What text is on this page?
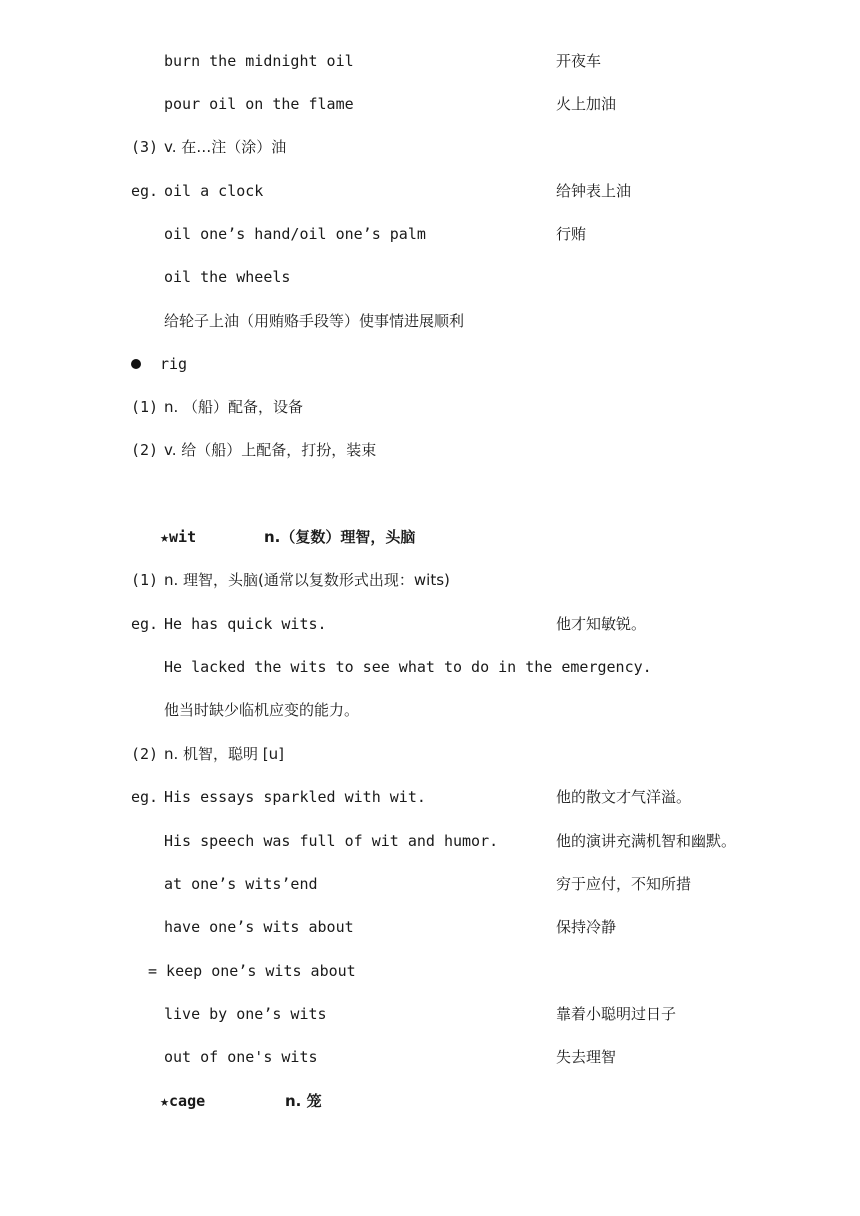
burn the midnight oil	开夜车
pour oil on the flame	火上加油
(3) v. 在…注（涂）油
eg. oil a clock	给钟表上油
oil one’s hand/oil one’s palm	行贿
oil the wheels
给轮子上油（用贿赂手段等）使事情进展顺利
rig
(1) n. （船）配备，设备
(2) v. 给（船）上配备，打扮，装束
★wit	n.（复数）理智，头脑
(1) n. 理智，头脑(通常以复数形式出现：wits)
eg. He has quick wits.	他才知敏锐。
He lacked the wits to see what to do in the emergency.
他当时缺少临机应变的能力。
(2) n. 机智，聪明 [u]
eg. His essays sparkled with wit.	他的散文才气洋溢。
His speech was full of wit and humor.	他的演讲充满机智和幽默。
at one’s wits’end	穷于应付，不知所措
have one’s wits about	保持冷静
= keep one’s wits about
live by one’s wits	靠着小聪明过日子
out of one's wits	失去理智
★cage	n. 笼
